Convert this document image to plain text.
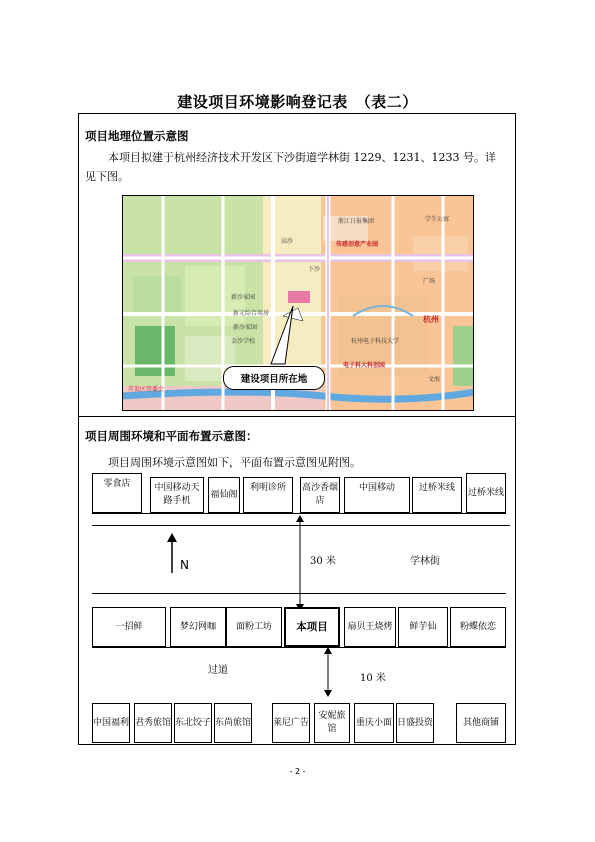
建设项目环境影响登记表　（表二）
项目地理位置示意图
本项目拟建于杭州经济技术开发区下沙街道学林街 1229、1231、1233 号。详
见下图。
浙江日报集团
传感创意产业园
杭州电子科技大学
电子科大科创园
新沙家园
新沙家园
金沙学校
高沙
下沙
杭州
开发区管委会
学生公寓
广场
新元综合用房
文海
建设项目所在地
项目周围环境和平面布置示意图：
项目周围环境示意图如下，平面布置示意图见附图。
零食店	中国移动天路手机
福仙阁
利明诊所	高沙香烟店
中国移动	过桥米线	过桥米线
N	30 米	学林街
一招鲜	梦幻网咖	面粉工坊	本项目	扇贝王烧烤	鲜芋仙	粉蝶依恋
过道
10 米
中国福利 君秀旅馆 东北饺子 东尚旅馆 莱尼广告
安妮旅馆
重庆小面 日盛投资	其他商铺
- 2 -
